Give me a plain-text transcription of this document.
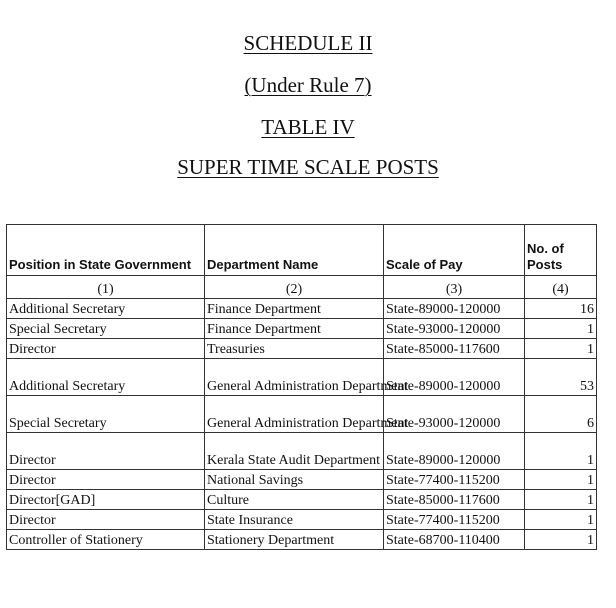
SCHEDULE II
(Under Rule 7)
TABLE IV
SUPER TIME SCALE POSTS
Position in State Government	Department Name	Scale of Pay	No. of Posts
(1)	(2)	(3)	(4)
Additional Secretary	Finance Department	State-89000-120000	16
Special Secretary	Finance Department	State-93000-120000	1
Director	Treasuries	State-85000-117600	1
Additional Secretary	General Administration Department	State-89000-120000	53
Special Secretary	General Administration Department	State-93000-120000	6
Director	Kerala State Audit Department	State-89000-120000	1
Director	National Savings	State-77400-115200	1
Director[GAD]	Culture	State-85000-117600	1
Director	State Insurance	State-77400-115200	1
Controller of Stationery	Stationery Department	State-68700-110400	1
